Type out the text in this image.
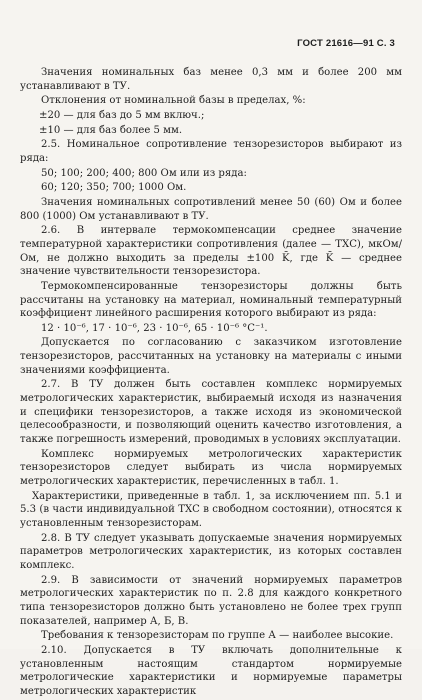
ГОСТ 21616—91 С. 3

Значения номинальных баз менее 0,3 мм и более 200 мм устанавливают в ТУ.

Отклонения от номинальной базы в пределах, %:

±20 — для баз до 5 мм включ.;

±10 — для баз более 5 мм.

2.5. Номинальное сопротивление тензорезисторов выбирают из ряда:

50; 100; 200; 400; 800 Ом или из ряда:

60; 120; 350; 700; 1000 Ом.

Значения номинальных сопротивлений менее 50 (60) Ом и более 800 (1000) Ом устанавливают в ТУ.

2.6. В интервале термокомпенсации среднее значение температурной характеристики сопротивления (далее — ТХС), мкОм/Ом, не должно выходить за пределы ±100 K̄, где K̄ — среднее значение чувствительности тензорезистора.

Термокомпенсированные тензорезисторы должны быть рассчитаны на установку на материал, номинальный температурный коэффициент линейного расширения которого выбирают из ряда:

12 · 10⁻⁶, 17 · 10⁻⁶, 23 · 10⁻⁶, 65 · 10⁻⁶ °C⁻¹.

Допускается по согласованию с заказчиком изготовление тензорезисторов, рассчитанных на установку на материалы с иными значениями коэффициента.

2.7. В ТУ должен быть составлен комплекс нормируемых метрологических характеристик, выбираемый исходя из назначения и специфики тензорезисторов, а также исходя из экономической целесообразности, и позволяющий оценить качество изготовления, а также погрешность измерений, проводимых в условиях эксплуатации.

Комплекс нормируемых метрологических характеристик тензорезисторов следует выбирать из числа нормируемых метрологических характеристик, перечисленных в табл. 1.

Характеристики, приведенные в табл. 1, за исключением пп. 5.1 и 5.3 (в части индивидуальной ТХС в свободном состоянии), относятся к установленным тензорезисторам.

2.8. В ТУ следует указывать допускаемые значения нормируемых параметров метрологических характеристик, из которых составлен комплекс.

2.9. В зависимости от значений нормируемых параметров метрологических характеристик по п. 2.8 для каждого конкретного типа тензорезисторов должно быть установлено не более трех групп показателей, например А, Б, В.

Требования к тензорезисторам по группе А — наиболее высокие.

2.10. Допускается в ТУ включать дополнительные к установленным настоящим стандартом нормируемые метрологические характеристики и нормируемые параметры метрологических характеристик
